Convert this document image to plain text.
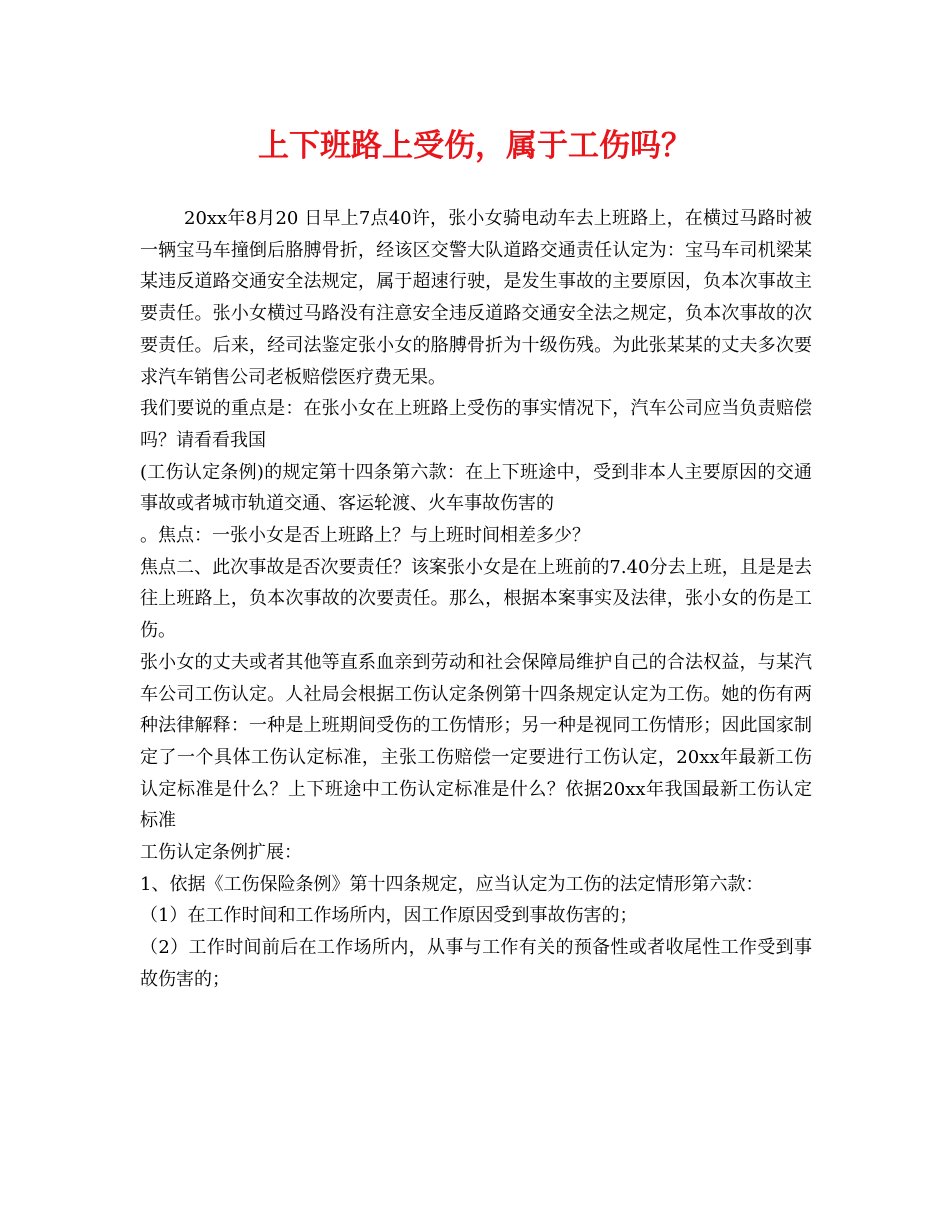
上下班路上受伤，属于工伤吗？

20xx年8月20 日早上7点40许，张小女骑电动车去上班路上，在横过马路时被一辆宝马车撞倒后胳膊骨折，经该区交警大队道路交通责任认定为：宝马车司机梁某某违反道路交通安全法规定，属于超速行驶，是发生事故的主要原因，负本次事故主要责任。张小女横过马路没有注意安全违反道路交通安全法之规定，负本次事故的次要责任。后来，经司法鉴定张小女的胳膊骨折为十级伤残。为此张某某的丈夫多次要求汽车销售公司老板赔偿医疗费无果。

我们要说的重点是：在张小女在上班路上受伤的事实情况下，汽车公司应当负责赔偿吗？请看看我国

(工伤认定条例)的规定第十四条第六款：在上下班途中，受到非本人主要原因的交通事故或者城市轨道交通、客运轮渡、火车事故伤害的

。焦点：一张小女是否上班路上？与上班时间相差多少？

焦点二、此次事故是否次要责任？该案张小女是在上班前的7.40分去上班，且是是去往上班路上，负本次事故的次要责任。那么，根据本案事实及法律，张小女的伤是工伤。

张小女的丈夫或者其他等直系血亲到劳动和社会保障局维护自己的合法权益，与某汽车公司工伤认定。人社局会根据工伤认定条例第十四条规定认定为工伤。她的伤有两种法律解释：一种是上班期间受伤的工伤情形；另一种是视同工伤情形；因此国家制定了一个具体工伤认定标准，主张工伤赔偿一定要进行工伤认定，20xx年最新工伤认定标准是什么？上下班途中工伤认定标准是什么？依据20xx年我国最新工伤认定标准

工伤认定条例扩展：

1、依据《工伤保险条例》第十四条规定，应当认定为工伤的法定情形第六款：

（1）在工作时间和工作场所内，因工作原因受到事故伤害的；

（2）工作时间前后在工作场所内，从事与工作有关的预备性或者收尾性工作受到事故伤害的；
